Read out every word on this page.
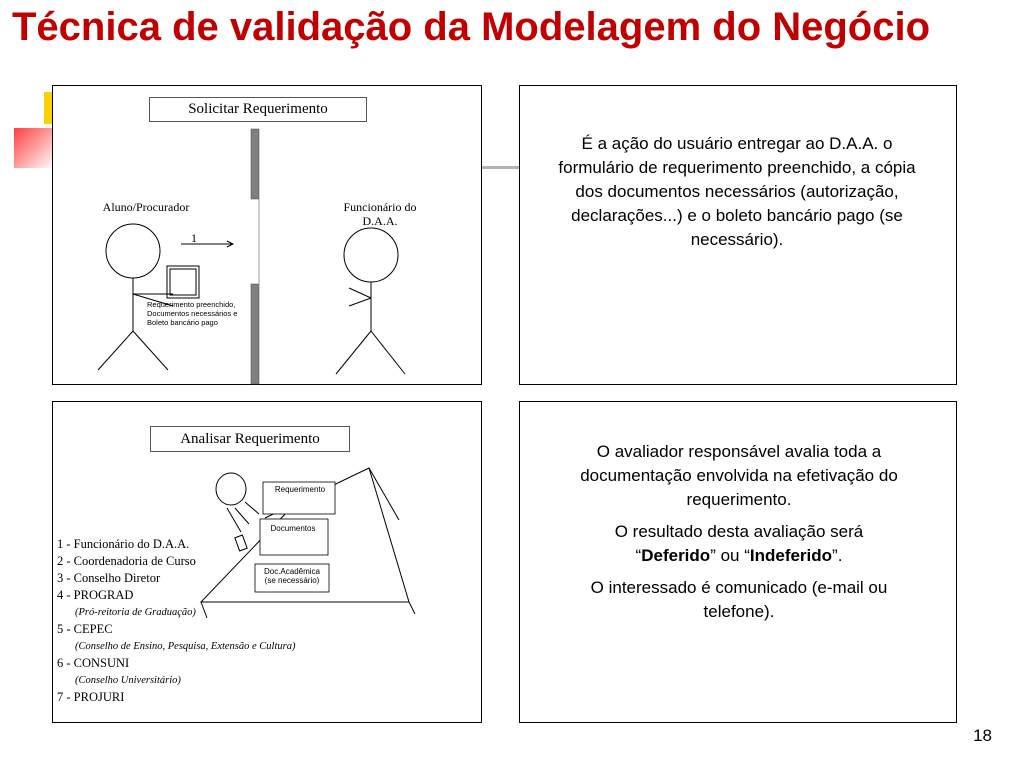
Técnica de validação da Modelagem do Negócio
Solicitar Requerimento
Aluno/Procurador	Funcionário do
D.A.A.
1
Requerimento preenchido,
Documentos necessários e
Boleto bancário pago

É a ação do usuário entregar ao D.A.A. o formulário de requerimento preenchido, a cópia dos documentos necessários (autorização, declarações...) e o boleto bancário pago (se necessário).

Analisar Requerimento
Requerimento
Documentos
Doc.Acadêmica
(se necessário)
1 - Funcionário do D.A.A.
2 - Coordenadoria de Curso
3 - Conselho Diretor
4 - PROGRAD
(Pró-reitoria de Graduação)
5 - CEPEC
(Conselho de Ensino, Pesquisa, Extensão e Cultura)
6 - CONSUNI
(Conselho Universitário)
7 - PROJURI

O avaliador responsável avalia toda a documentação envolvida na efetivação do requerimento.

O resultado desta avaliação será “Deferido” ou “Indeferido”.

O interessado é comunicado (e-mail ou telefone).

18
